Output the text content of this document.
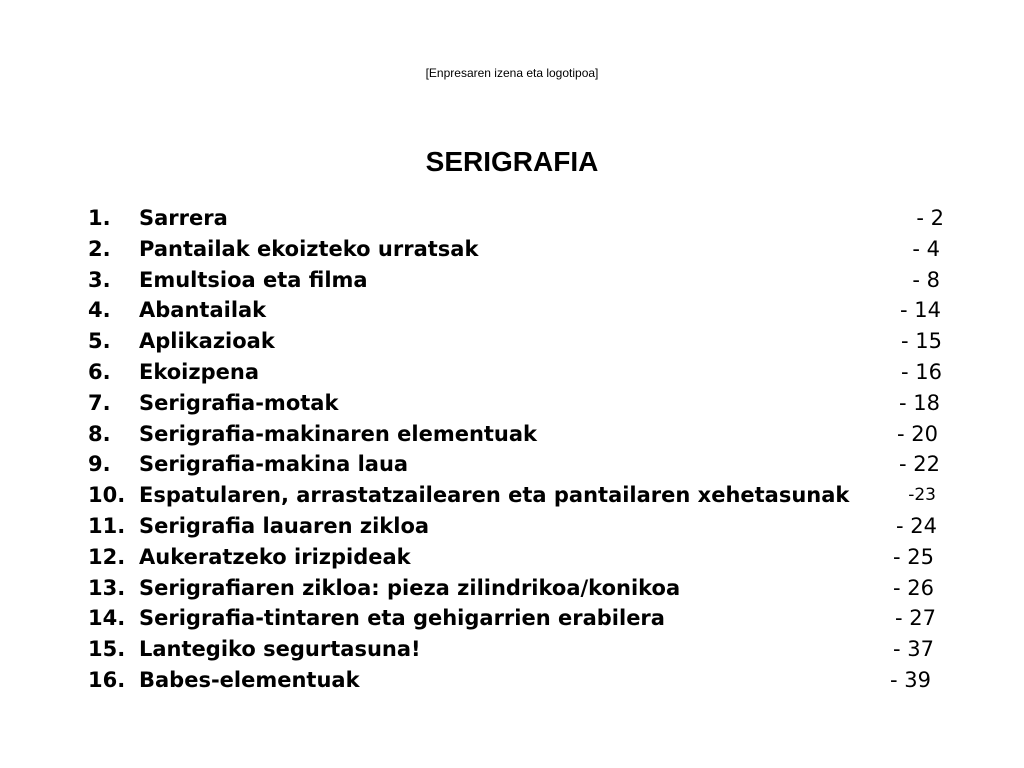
[Enpresaren izena eta logotipoa]
SERIGRAFIA
1. Sarrera	- 2
2. Pantailak ekoizteko urratsak	- 4
3. Emultsioa eta filma	- 8
4. Abantailak	- 14
5. Aplikazioak	- 15
6. Ekoizpena	- 16
7. Serigrafia-motak	- 18
8. Serigrafia-makinaren elementuak	- 20
9. Serigrafia-makina laua	- 22
10. Espatularen, arrastatzailearen eta pantailaren xehetasunak	-23
11. Serigrafia lauaren zikloa	- 24
12. Aukeratzeko irizpideak	- 25
13. Serigrafiaren zikloa: pieza zilindrikoa/konikoa	- 26
14. Serigrafia-tintaren eta gehigarrien erabilera	- 27
15. Lantegiko segurtasuna!	- 37
16. Babes-elementuak	- 39
